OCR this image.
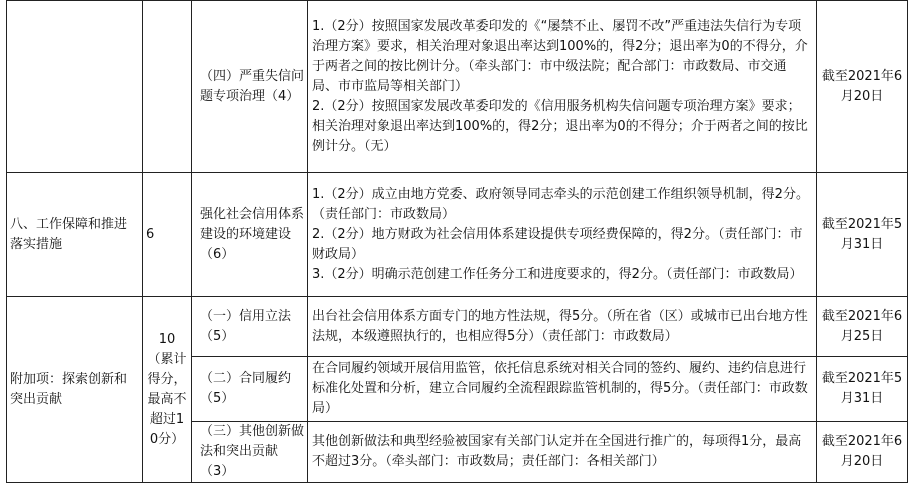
		（四）严重失信问题专项治理（4）	1.（2分）按照国家发展改革委印发的《“屡禁不止、屡罚不改”严重违法失信行为专项治理方案》要求，相关治理对象退出率达到100%的，得2分；退出率为0的不得分，介于两者之间的按比例计分。（牵头部门：市中级法院；配合部门：市政数局、市交通局、市市监局等相关部门）
2.（2分）按照国家发展改革委印发的《信用服务机构失信问题专项治理方案》要求；相关治理对象退出率达到100%的，得2分；退出率为0的不得分；介于两者之间的按比例计分。（无）	截至2021年6月20日
八、工作保障和推进落实措施	6	强化社会信用体系建设的环境建设（6）	1.（2分）成立由地方党委、政府领导同志牵头的示范创建工作组织领导机制，得2分。（责任部门：市政数局）
2.（2分）地方财政为社会信用体系建设提供专项经费保障的，得2分。（责任部门：市财政局）
3.（2分）明确示范创建工作任务分工和进度要求的，得2分。（责任部门：市政数局）	截至2021年5月31日
附加项：探索创新和突出贡献	10（累计得分，最高不超过10分）	（一）信用立法（5）	出台社会信用体系方面专门的地方性法规，得5分。（所在省（区）或城市已出台地方性法规，本级遵照执行的，也相应得5分）（责任部门：市政数局）	截至2021年6月25日
		（二）合同履约（5）	在合同履约领域开展信用监管，依托信息系统对相关合同的签约、履约、违约信息进行标准化处置和分析，建立合同履约全流程跟踪监管机制的，得5分。（责任部门：市政数局）	截至2021年5月31日
		（三）其他创新做法和突出贡献（3）	其他创新做法和典型经验被国家有关部门认定并在全国进行推广的，每项得1分，最高不超过3分。（牵头部门：市政数局；责任部门：各相关部门）	截至2021年6月20日
